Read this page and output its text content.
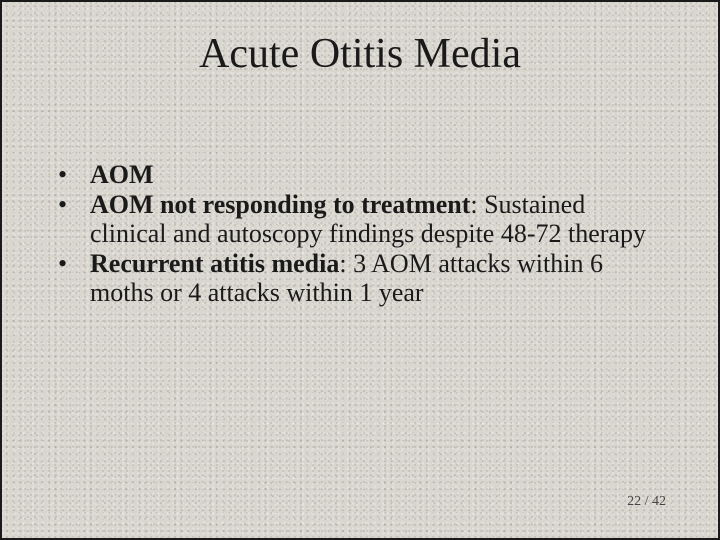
Acute Otitis Media
• AOM
• AOM not responding to treatment: Sustained clinical and autoscopy findings despite 48-72 therapy
• Recurrent atitis media: 3 AOM attacks within 6 moths or 4 attacks within 1 year
22 / 42
